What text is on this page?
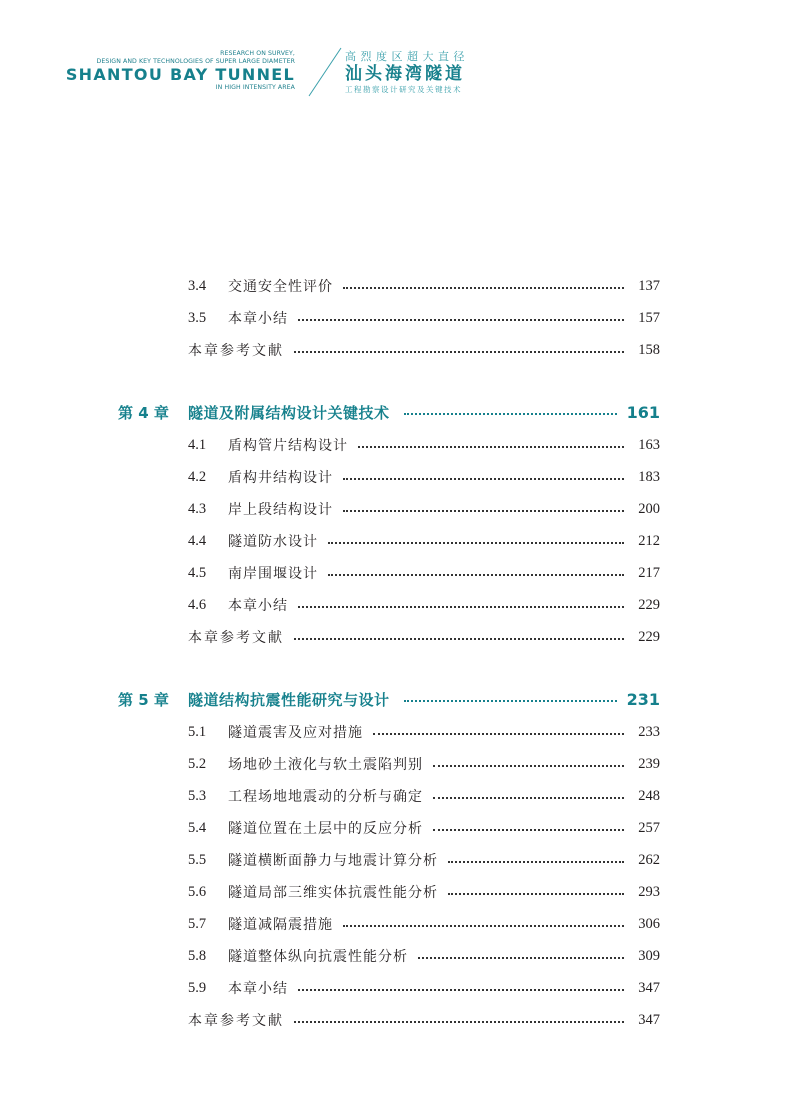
RESEARCH ON SURVEY,
DESIGN AND KEY TECHNOLOGIES OF SUPER LARGE DIAMETER
SHANTOU BAY TUNNEL
IN HIGH INTENSITY AREA
高烈度区超大直径
汕头海湾隧道
工程勘察设计研究及关键技术
3.4	交通安全性评价	137
3.5	本章小结	157
本章参考文献	158
第 4 章	隧道及附属结构设计关键技术	161
4.1	盾构管片结构设计	163
4.2	盾构井结构设计	183
4.3	岸上段结构设计	200
4.4	隧道防水设计	212
4.5	南岸围堰设计	217
4.6	本章小结	229
本章参考文献	229
第 5 章	隧道结构抗震性能研究与设计	231
5.1	隧道震害及应对措施	233
5.2	场地砂土液化与软土震陷判别	239
5.3	工程场地地震动的分析与确定	248
5.4	隧道位置在土层中的反应分析	257
5.5	隧道横断面静力与地震计算分析	262
5.6	隧道局部三维实体抗震性能分析	293
5.7	隧道减隔震措施	306
5.8	隧道整体纵向抗震性能分析	309
5.9	本章小结	347
本章参考文献	347
